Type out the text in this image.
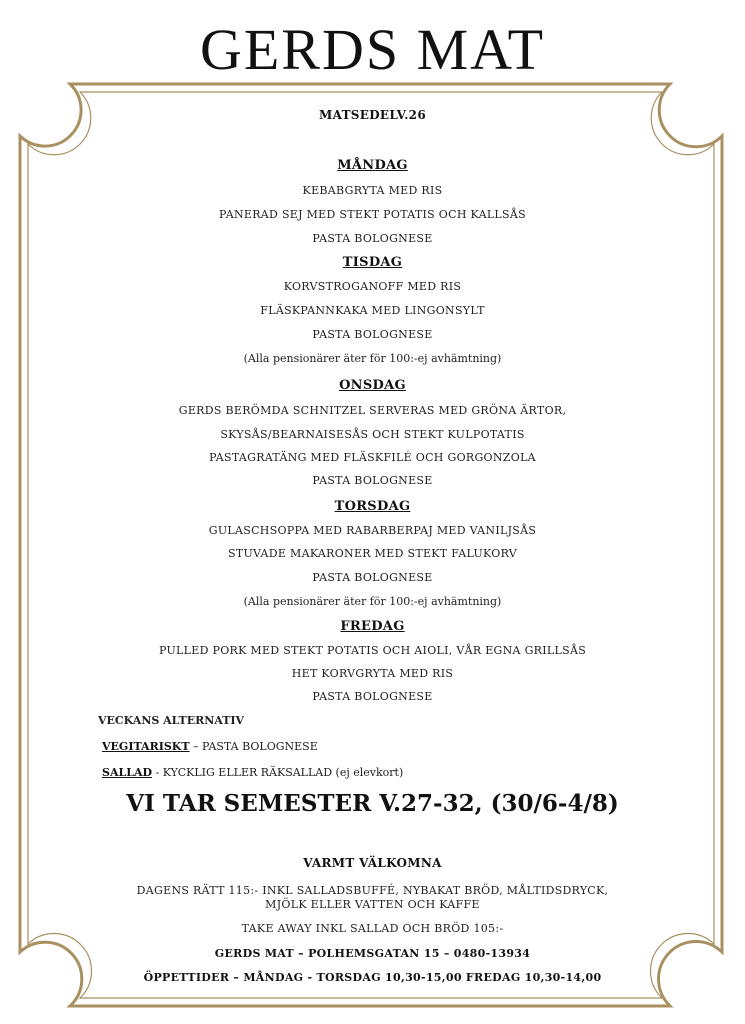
GERDS MAT
MATSEDELV.26
MÅNDAG
KEBABGRYTA MED RIS
PANERAD SEJ MED STEKT POTATIS OCH KALLSÅS
PASTA BOLOGNESE
TISDAG
KORVSTROGANOFF MED RIS
FLÄSKPANNKAKA MED LINGONSYLT
PASTA BOLOGNESE
(Alla pensionärer äter för 100:-ej avhämtning)
ONSDAG
GERDS BERÖMDA SCHNITZEL SERVERAS MED GRÖNA ÄRTOR,
SKYSÅS/BEARNAISESÅS OCH STEKT KULPOTATIS
PASTAGRATÄNG MED FLÄSKFILÉ OCH GORGONZOLA
PASTA BOLOGNESE
TORSDAG
GULASCHSOPPA MED RABARBERPAJ MED VANILJSÅS
STUVADE MAKARONER MED STEKT FALUKORV
PASTA BOLOGNESE
(Alla pensionärer äter för 100:-ej avhämtning)
FREDAG
PULLED PORK MED STEKT POTATIS OCH AIOLI, VÅR EGNA GRILLSÅS
HET KORVGRYTA MED RIS
PASTA BOLOGNESE
VECKANS ALTERNATIV
VEGITARISKT – PASTA BOLOGNESE
SALLAD - KYCKLIG ELLER RÄKSALLAD (ej elevkort)
VI TAR SEMESTER V.27-32, (30/6-4/8)
VARMT VÄLKOMNA
DAGENS RÄTT 115:- INKL SALLADSBUFFÉ, NYBAKAT BRÖD, MÅLTIDSDRYCK,
MJÖLK ELLER VATTEN OCH KAFFE
TAKE AWAY INKL SALLAD OCH BRÖD 105:-
GERDS MAT – POLHEMSGATAN 15 – 0480-13934
ÖPPETTIDER – MÅNDAG - TORSDAG 10,30-15,00 FREDAG 10,30-14,00
